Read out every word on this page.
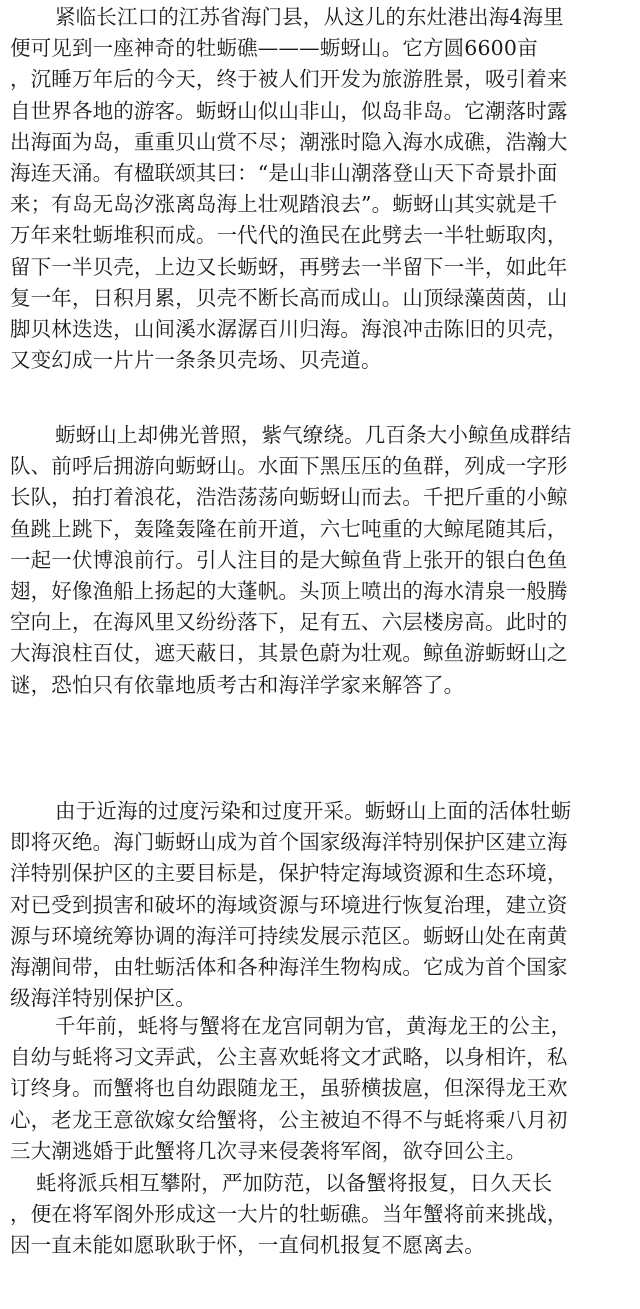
紧临长江口的江苏省海门县，从这儿的东灶港出海4海里
便可见到一座神奇的牡蛎礁———蛎蚜山。它方圆6600亩
，沉睡万年后的今天，终于被人们开发为旅游胜景，吸引着来
自世界各地的游客。蛎蚜山似山非山，似岛非岛。它潮落时露
出海面为岛，重重贝山赏不尽；潮涨时隐入海水成礁，浩瀚大
海连天涌。有楹联颂其曰：“是山非山潮落登山天下奇景扑面
来；有岛无岛汐涨离岛海上壮观踏浪去”。蛎蚜山其实就是千
万年来牡蛎堆积而成。一代代的渔民在此劈去一半牡蛎取肉，
留下一半贝壳，上边又长蛎蚜，再劈去一半留下一半，如此年
复一年，日积月累，贝壳不断长高而成山。山顶绿藻茵茵，山
脚贝林迭迭，山间溪水潺潺百川归海。海浪冲击陈旧的贝壳，
又变幻成一片片一条条贝壳场、贝壳道。
蛎蚜山上却佛光普照，紫气缭绕。几百条大小鲸鱼成群结
队、前呼后拥游向蛎蚜山。水面下黑压压的鱼群，列成一字形
长队，拍打着浪花，浩浩荡荡向蛎蚜山而去。千把斤重的小鲸
鱼跳上跳下，轰隆轰隆在前开道，六七吨重的大鲸尾随其后，
一起一伏博浪前行。引人注目的是大鲸鱼背上张开的银白色鱼
翅，好像渔船上扬起的大蓬帆。头顶上喷出的海水清泉一般腾
空向上，在海风里又纷纷落下，足有五、六层楼房高。此时的
大海浪柱百仗，遮天蔽日，其景色蔚为壮观。鲸鱼游蛎蚜山之
谜，恐怕只有依靠地质考古和海洋学家来解答了。
由于近海的过度污染和过度开采。蛎蚜山上面的活体牡蛎
即将灭绝。海门蛎蚜山成为首个国家级海洋特别保护区建立海
洋特别保护区的主要目标是，保护特定海域资源和生态环境，
对已受到损害和破坏的海域资源与环境进行恢复治理，建立资
源与环境统筹协调的海洋可持续发展示范区。蛎蚜山处在南黄
海潮间带，由牡蛎活体和各种海洋生物构成。它成为首个国家
级海洋特别保护区。
千年前，蚝将与蟹将在龙宫同朝为官，黄海龙王的公主，
自幼与蚝将习文弄武，公主喜欢蚝将文才武略，以身相许，私
订终身。而蟹将也自幼跟随龙王，虽骄横拔扈，但深得龙王欢
心，老龙王意欲嫁女给蟹将，公主被迫不得不与蚝将乘八月初
三大潮逃婚于此蟹将几次寻来侵袭将军阁，欲夺回公主。
蚝将派兵相互攀附，严加防范，以备蟹将报复，日久天长
，便在将军阁外形成这一大片的牡蛎礁。当年蟹将前来挑战，
因一直未能如愿耿耿于怀，一直伺机报复不愿离去。
